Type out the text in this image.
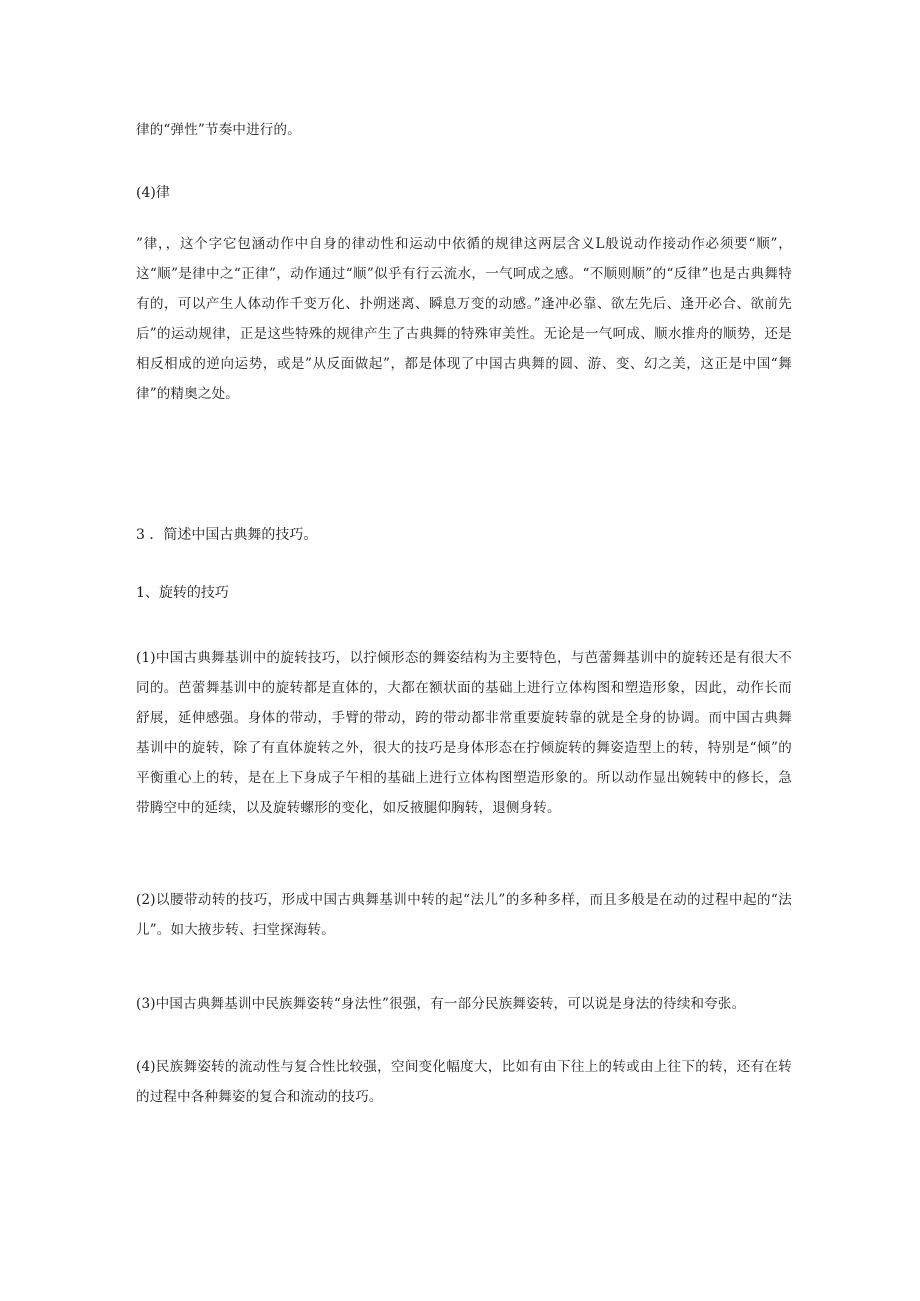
律的“弹性”节奏中进行的。

(4)律

”律，，这个字它包涵动作中自身的律动性和运动中依循的规律这两层含义L般说动作接动作必须要“顺”，这“顺”是律中之“正律”，动作通过“顺”似乎有行云流水，一气呵成之感。“不顺则顺”的“反律”也是古典舞特有的，可以产生人体动作千变万化、扑朔迷离、瞬息万变的动感。”逢冲必靠、欲左先后、逢开必合、欲前先后”的运动规律，正是这些特殊的规律产生了古典舞的特殊审美性。无论是一气呵成、顺水推舟的顺势，还是相反相成的逆向运势，或是”从反面做起”，都是体现了中国古典舞的圆、游、变、幻之美，这正是中国“舞律”的精奥之处。

3 ．简述中国古典舞的技巧。

1、旋转的技巧

(1)中国古典舞基训中的旋转技巧，以拧倾形态的舞姿结构为主要特色，与芭蕾舞基训中的旋转还是有很大不同的。芭蕾舞基训中的旋转都是直体的，大都在额状面的基础上进行立体构图和塑造形象，因此，动作长而舒展，延伸感强。身体的带动，手臂的带动，跨的带动都非常重要旋转靠的就是全身的协调。而中国古典舞基训中的旋转，除了有直体旋转之外，很大的技巧是身体形态在拧倾旋转的舞姿造型上的转，特别是“倾”的平衡重心上的转，是在上下身成子午相的基础上进行立体构图塑造形象的。所以动作显出婉转中的修长，急带腾空中的延续，以及旋转螺形的变化，如反掖腿仰胸转，退侧身转。

(2)以腰带动转的技巧，形成中国古典舞基训中转的起“法儿”的多种多样，而且多般是在动的过程中起的“法儿”。如大掖步转、扫堂探海转。

(3)中国古典舞基训中民族舞姿转“身法性”很强，有一部分民族舞姿转，可以说是身法的待续和夸张。

(4)民族舞姿转的流动性与复合性比较强，空间变化幅度大，比如有由下往上的转或由上往下的转，还有在转的过程中各种舞姿的复合和流动的技巧。
